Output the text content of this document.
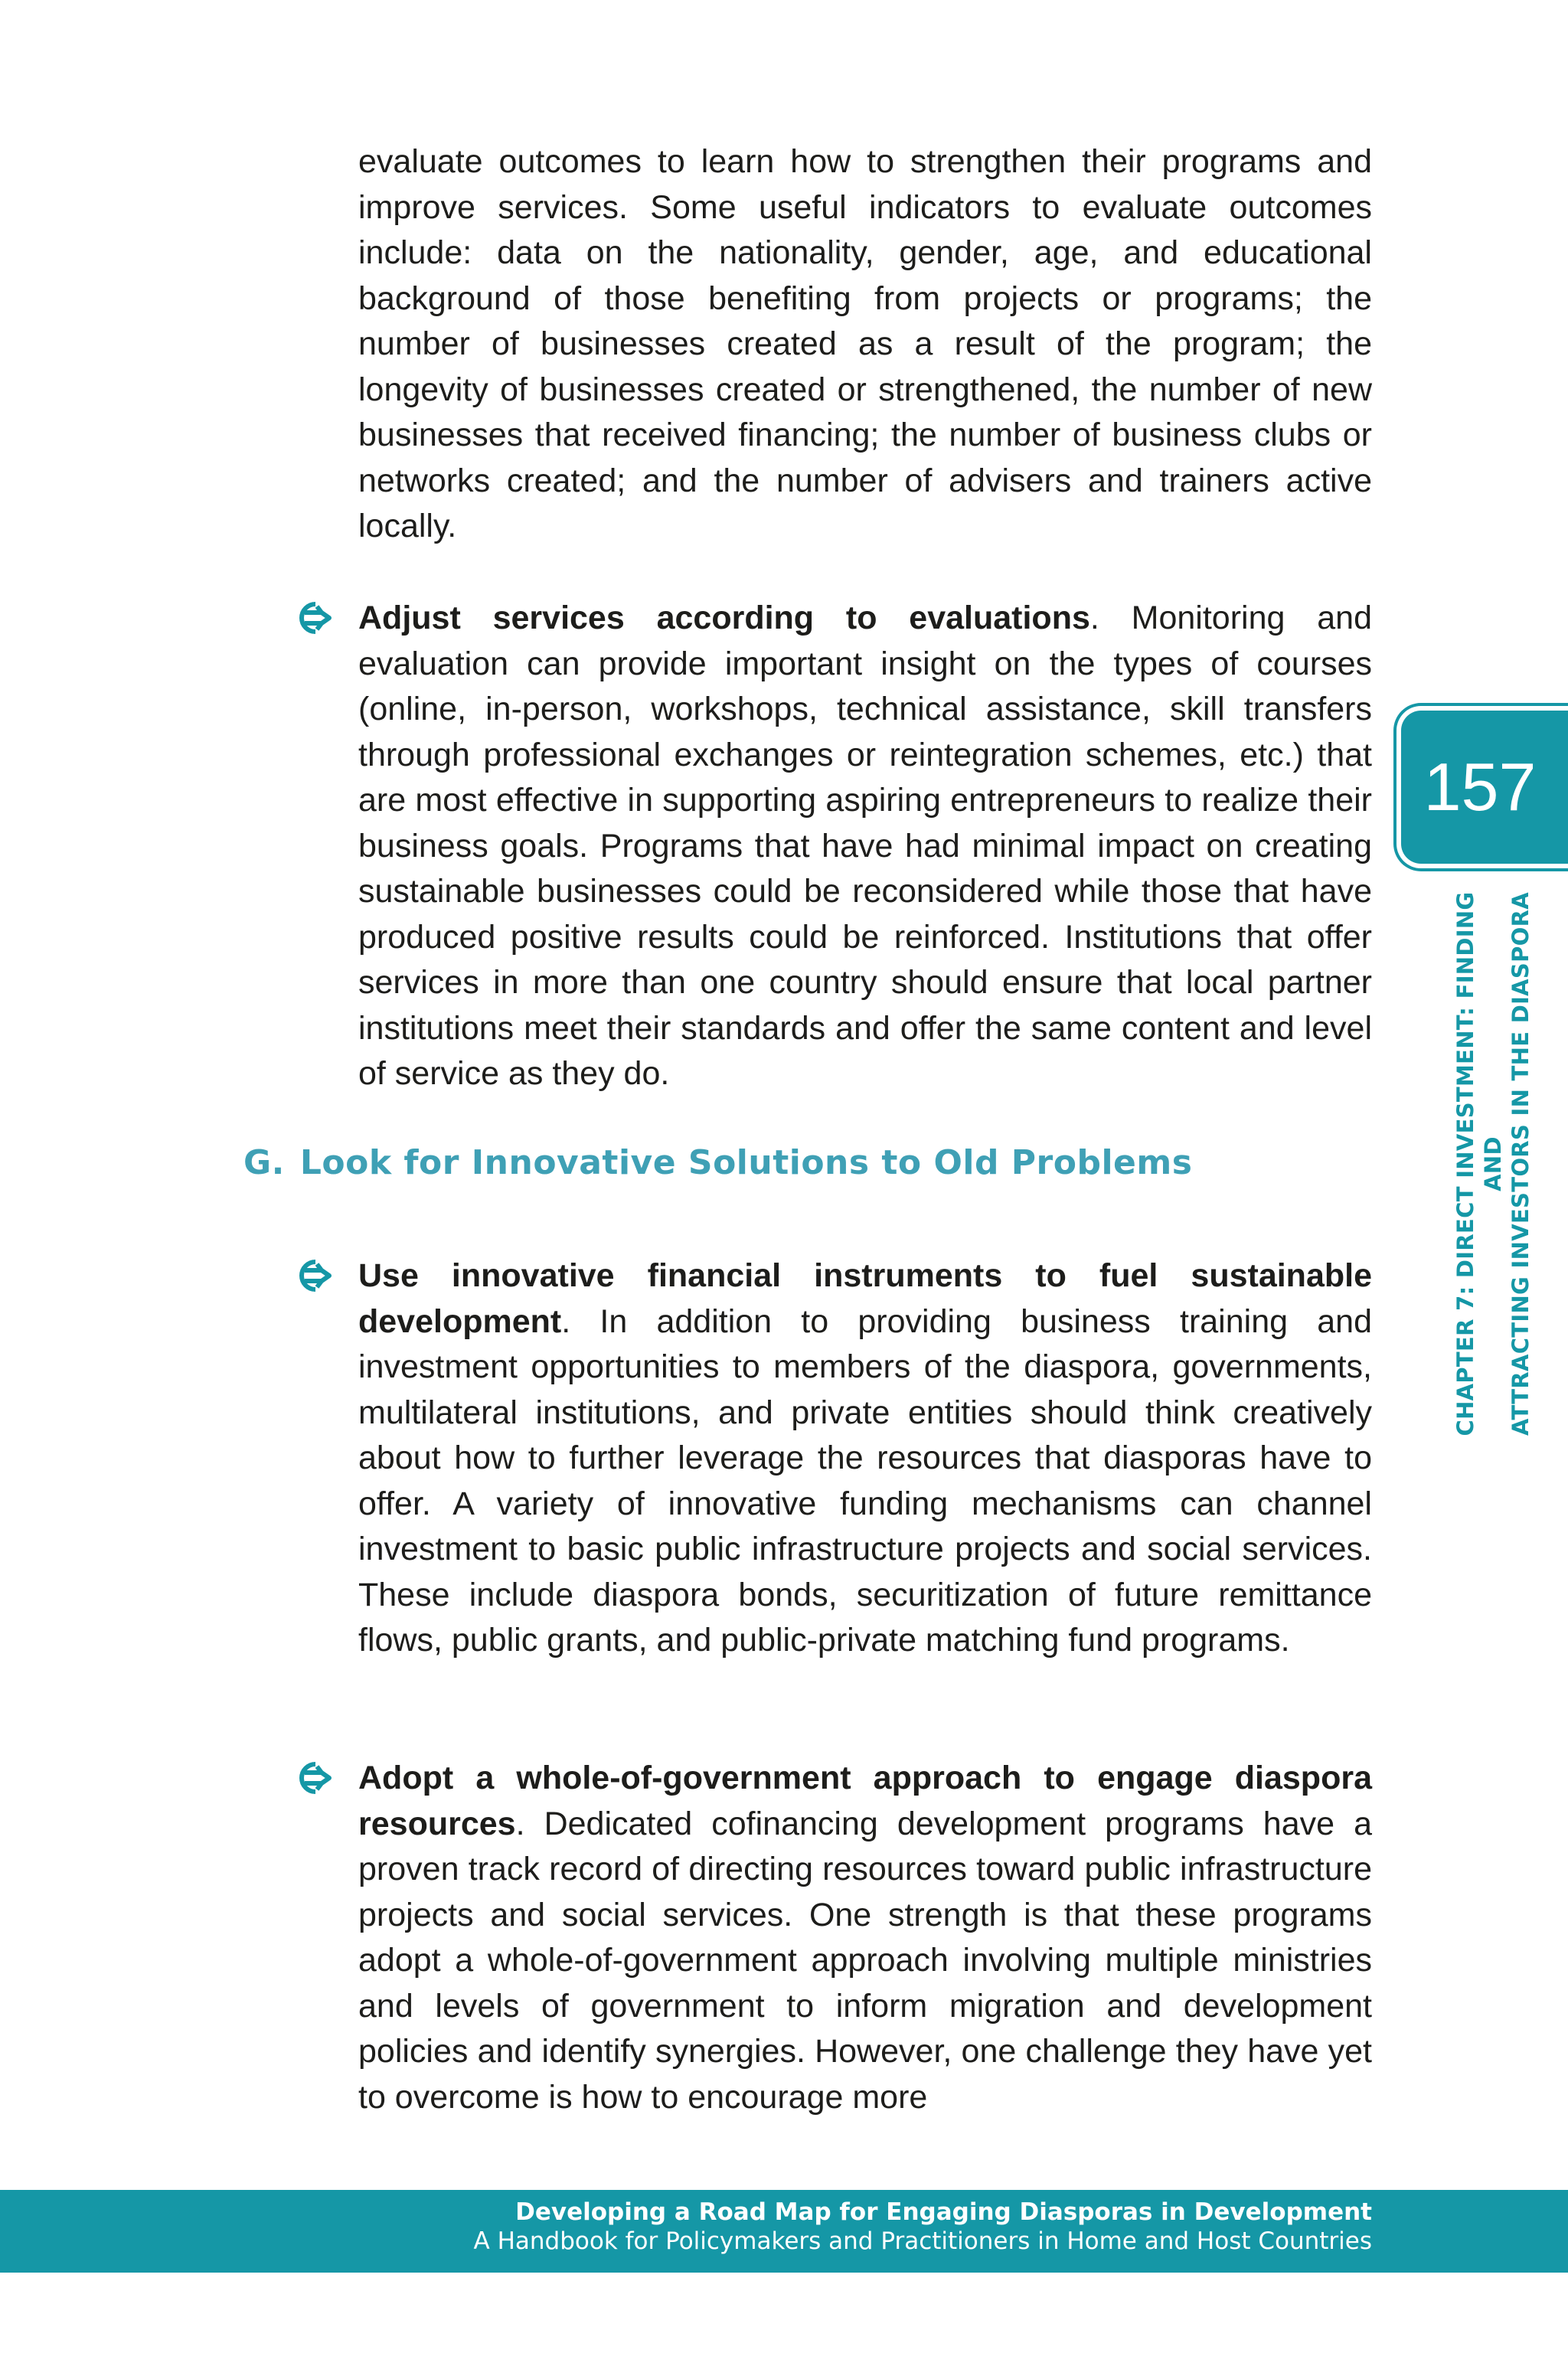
evaluate outcomes to learn how to strengthen their programs and improve services. Some useful indicators to evaluate outcomes include: data on the nationality, gender, age, and educational background of those benefiting from projects or programs; the number of businesses created as a result of the program; the longevity of businesses created or strengthened, the number of new businesses that received financing; the number of business clubs or networks created; and the number of advisers and trainers active locally.

Adjust services according to evaluations. Monitoring and evaluation can provide important insight on the types of courses (online, in-person, workshops, technical assistance, skill transfers through professional exchanges or reintegration schemes, etc.) that are most effective in supporting aspiring entrepreneurs to realize their business goals. Programs that have had minimal impact on creating sustainable businesses could be reconsidered while those that have produced positive results could be reinforced. Institutions that offer services in more than one country should ensure that local partner institutions meet their standards and offer the same content and level of service as they do.

G. Look for Innovative Solutions to Old Problems

Use innovative financial instruments to fuel sustainable development. In addition to providing business training and investment opportunities to members of the diaspora, governments, multilateral institutions, and private entities should think creatively about how to further leverage the resources that diasporas have to offer. A variety of innovative funding mechanisms can channel investment to basic public infrastructure projects and social services. These include diaspora bonds, securitization of future remittance flows, public grants, and public-private matching fund programs.

Adopt a whole-of-government approach to engage diaspora resources. Dedicated cofinancing development programs have a proven track record of directing resources toward public infrastructure projects and social services. One strength is that these programs adopt a whole-of-government approach involving multiple ministries and levels of government to inform migration and development policies and identify synergies. However, one challenge they have yet to overcome is how to encourage more

157
CHAPTER 7: DIRECT INVESTMENT: FINDING AND ATTRACTING INVESTORS IN THE DIASPORA
Developing a Road Map for Engaging Diasporas in Development
A Handbook for Policymakers and Practitioners in Home and Host Countries
